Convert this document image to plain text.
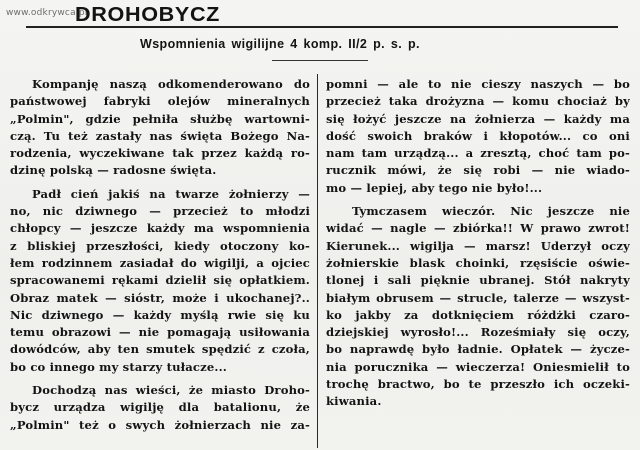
www.odkrywca.pl
DROHOBYCZ
Wspomnienia wigilijne 4 komp. II/2 p. s. p.
Kompanję naszą odkomenderowano do
państwowej fabryki olejów mineralnych
„Polmin", gdzie pełniła służbę wartowni-
czą. Tu też zastały nas święta Bożego Na-
rodzenia, wyczekiwane tak przez każdą ro-
dzinę polską — radosne święta.
Padł cień jakiś na twarze żołnierzy —
no, nic dziwnego — przecież to młodzi
chłopcy — jeszcze każdy ma wspomnienia
z bliskiej przeszłości, kiedy otoczony ko-
łem rodzinnem zasiadał do wigilji, a ojciec
spracowanemi rękami dzielił się opłatkiem.
Obraz matek — sióstr, może i ukochanej?..
Nic dziwnego — każdy myślą rwie się ku
temu obrazowi — nie pomagają usiłowania
dowódców, aby ten smutek spędzić z czoła,
bo co innego my starzy tułacze...
Dochodzą nas wieści, że miasto Droho-
bycz urządza wigilję dla batalionu, że
„Polmin" też o swych żołnierzach nie za-
pomni — ale to nie cieszy naszych — bo
przecież taka drożyzna — komu chociaż by
się łożyć jeszcze na żołnierza — każdy ma
dość swoich braków i kłopotów... co oni
nam tam urządzą... a zresztą, choć tam po-
rucznik mówi, że się robi — nie wiado-
mo — lepiej, aby tego nie było!...
Tymczasem wieczór. Nic jeszcze nie
widać — nagle — zbiórka!! W prawo zwrot!
Kierunek... wigilja — marsz! Uderzył oczy
żołnierskie blask choinki, rzęsiście oświe-
tlonej i sali pięknie ubranej. Stół nakryty
białym obrusem — strucle, talerze — wszyst-
ko jakby za dotknięciem różdżki czaro-
dziejskiej wyrosło!... Roześmiały się oczy,
bo naprawdę było ładnie. Opłatek — życze-
nia porucznika — wieczerza! Oniesmielił to
trochę bractwo, bo te przeszło ich oczeki-
kiwania.
